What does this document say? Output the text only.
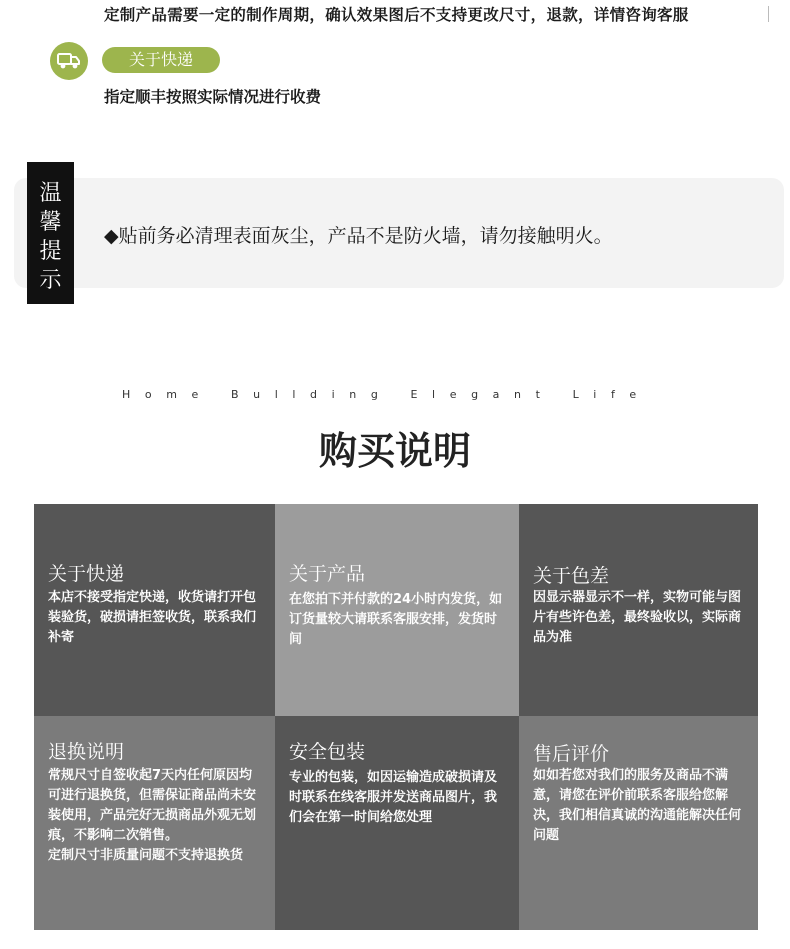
定制产品需要一定的制作周期，确认效果图后不支持更改尺寸，退款，详情咨询客服
关于快递
指定顺丰按照实际情况进行收费
温
馨
提
示
◆贴前务必清理表面灰尘，产品不是防火墙，请勿接触明火。
Home Bullding Elegant Life
购买说明
关于快递

本店不接受指定快递，收货请打开包装验货，破损请拒签收货，联系我们补寄

关于产品

在您拍下并付款的24小时内发货，如订货量较大请联系客服安排，发货时间

关于色差

因显示器显示不一样，实物可能与图片有些许色差，最终验收以，实际商品为准

退换说明

常规尺寸自签收起7天内任何原因均可进行退换货，但需保证商品尚未安装使用，产品完好无损商品外观无划痕，不影响二次销售。

定制尺寸非质量问题不支持退换货

安全包装

专业的包装，如因运输造成破损请及时联系在线客服并发送商品图片，我们会在第一时间给您处理

售后评价

如如若您对我们的服务及商品不满意，请您在评价前联系客服给您解决，我们相信真诚的沟通能解决任何问题
